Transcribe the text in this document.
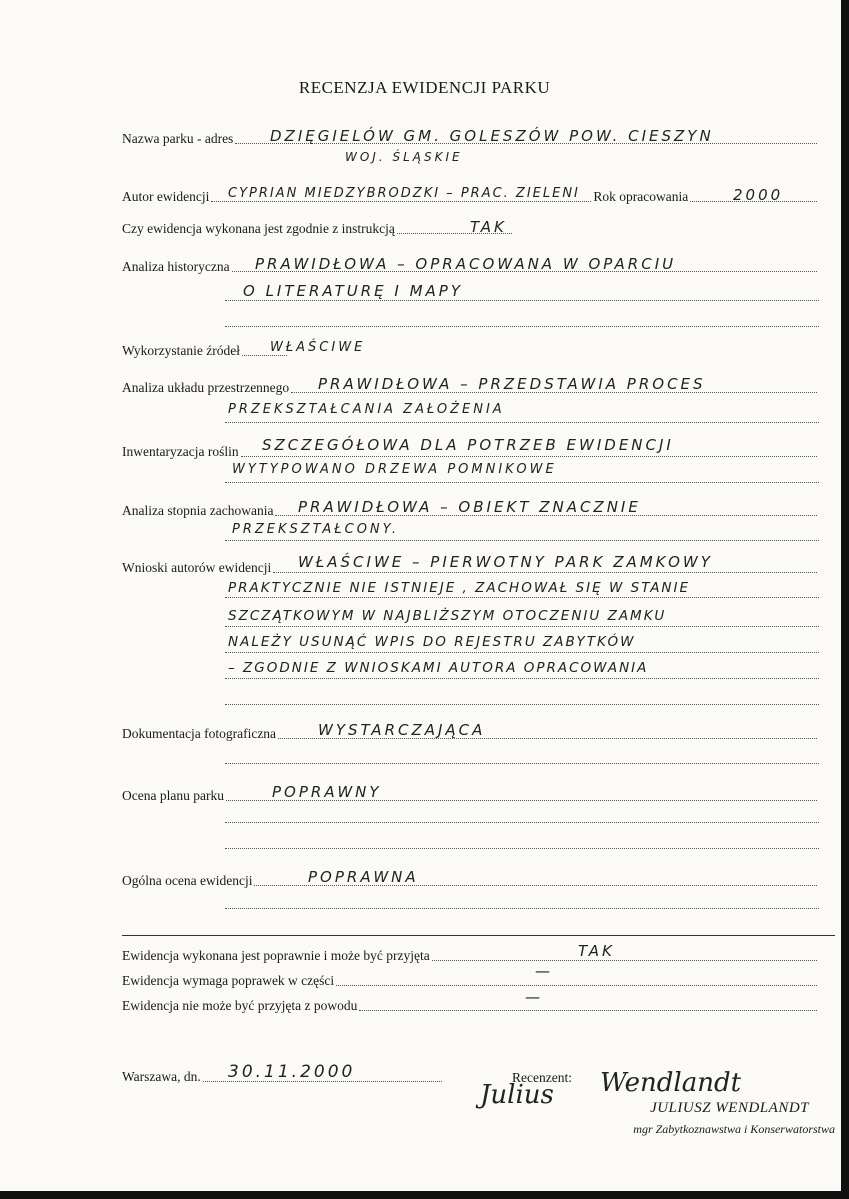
RECENZJA EWIDENCJI PARKU
Nazwa parku - adres DZIĘGIELÓW GM. GOLESZÓW POW. CIESZYN
WOJ. ŚLĄSKIE
Autor ewidencji	Rok opracowania
CYPRIAN MIEDZYBRODZKI – PRAC. ZIELENI	2000
Czy ewidencja wykonana jest zgodnie z instrukcją	TAK
Analiza historyczna PRAWIDŁOWA – OPRACOWANA W OPARCIU
O LITERATURĘ I MAPY
Wykorzystanie źródeł WŁAŚCIWE
Analiza układu przestrzennego PRAWIDŁOWA – PRZEDSTAWIA PROCES
PRZEKSZTAŁCANIA ZAŁOŻENIA
Inwentaryzacja roślin SZCZEGÓŁOWA DLA POTRZEB EWIDENCJI
WYTYPOWANO DRZEWA POMNIKOWE
Analiza stopnia zachowania PRAWIDŁOWA – OBIEKT ZNACZNIE
PRZEKSZTAŁCONY.
Wnioski autorów ewidencji WŁAŚCIWE – PIERWOTNY PARK ZAMKOWY
PRAKTYCZNIE NIE ISTNIEJE , ZACHOWAŁ SIĘ W STANIE
SZCZĄTKOWYM W NAJBLIŻSZYM OTOCZENIU ZAMKU
NALEŻY USUNĄĆ WPIS DO REJESTRU ZABYTKÓW
– ZGODNIE Z WNIOSKAMI AUTORA OPRACOWANIA
Dokumentacja fotograficzna	WYSTARCZAJĄCA
Ocena planu parku	POPRAWNY
Ogólna ocena ewidencji	POPRAWNA
Ewidencja wykonana jest poprawnie i może być przyjęta	TAK
Ewidencja wymaga poprawek w części
—
Ewidencja nie może być przyjęta z powodu	—
Warszawa, dn. 30.11.2000	Recenzent:
Julius Wendlandt
JULIUSZ WENDLANDT
mgr Zabytkoznawstwa i Konserwatorstwa
